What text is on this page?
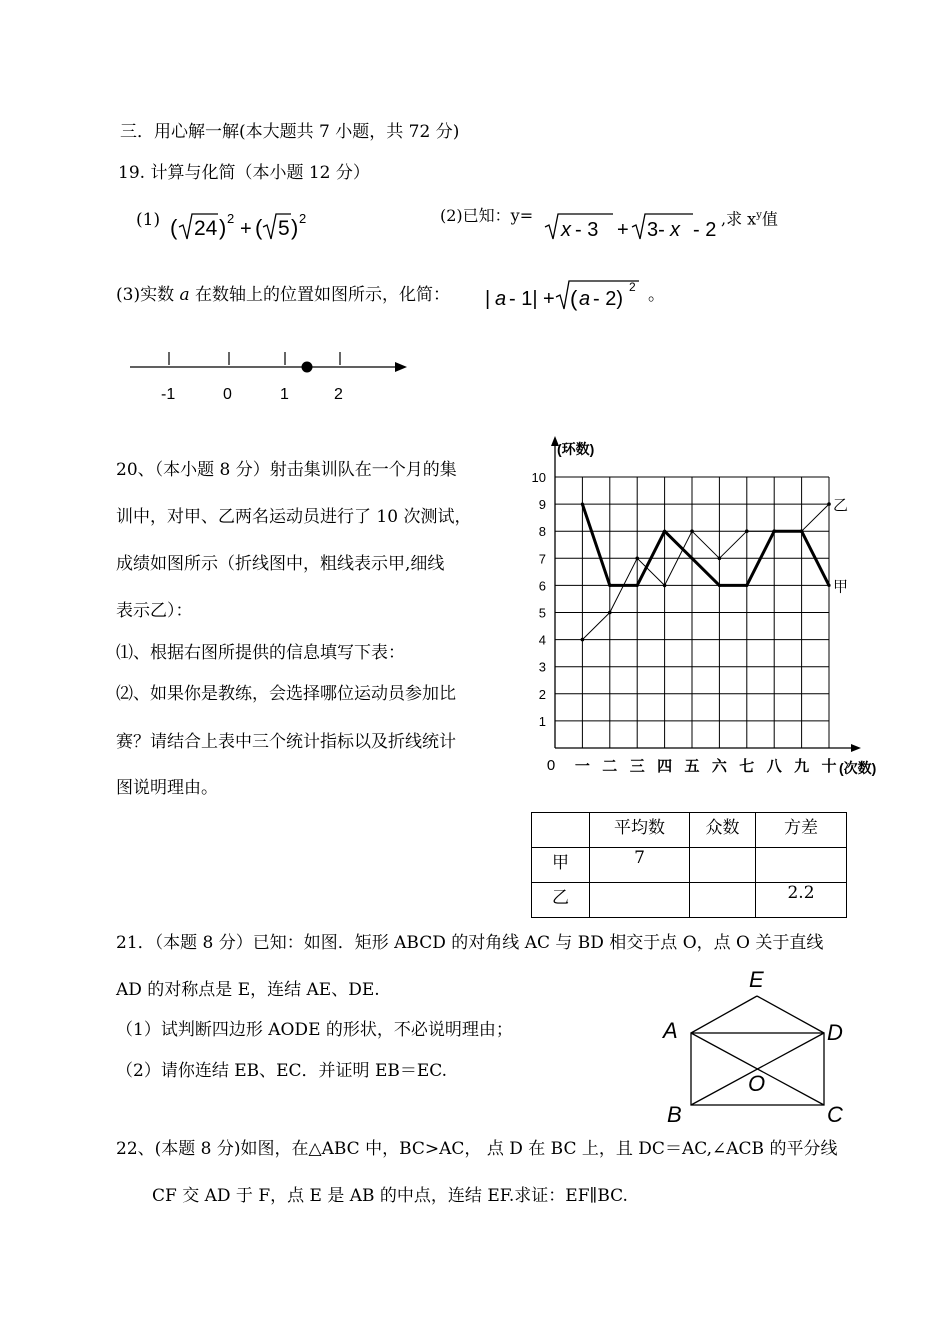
三．用心解一解(本大题共 7 小题，共 72 分)
19. 计算与化简（本小题 12 分）
(1) ( 24 ) 2 + ( 5 ) 2	(2)已知：y=
x - 3 + 3- x - 2
,求 $x^y$值
(3)实数 a 在数轴上的位置如图所示，化简： | a - 1| + ( a - 2)
2 。
-1	0	1	2
20、（本小题 8 分）射击集训队在一个月的集
训中，对甲、乙两名运动员进行了 10 次测试，
成绩如图所示（折线图中，粗线表示甲,细线
表示乙）：
⑴、根据右图所提供的信息填写下表：
⑵、如果你是教练，会选择哪位运动员参加比
赛？请结合上表中三个统计指标以及折线统计
图说明理由。
1
2
3
4
5
6
7
8
9
10
(环数)
0 一 二 三 四 五 六 七 八 九 十 (次数)
甲
乙
	平均数	众数	方差
甲	7		
乙			2.2
21．（本题 8 分）已知：如图．矩形 ABCD 的对角线 AC 与 BD 相交于点 O，点 O 关于直线
AD 的对称点是 E，连结 AE、DE.
（1）试判断四边形 AODE 的形状，不必说明理由；
（2）请你连结 EB、EC．并证明 EB＝EC.
E
A	D
O
B	C
22、(本题 8 分)如图，在△ABC 中，BC>AC， 点 D 在 BC 上，且 DC＝AC,∠ACB 的平分线
CF 交 AD 于 F，点 E 是 AB 的中点，连结 EF.求证：EF∥BC.
